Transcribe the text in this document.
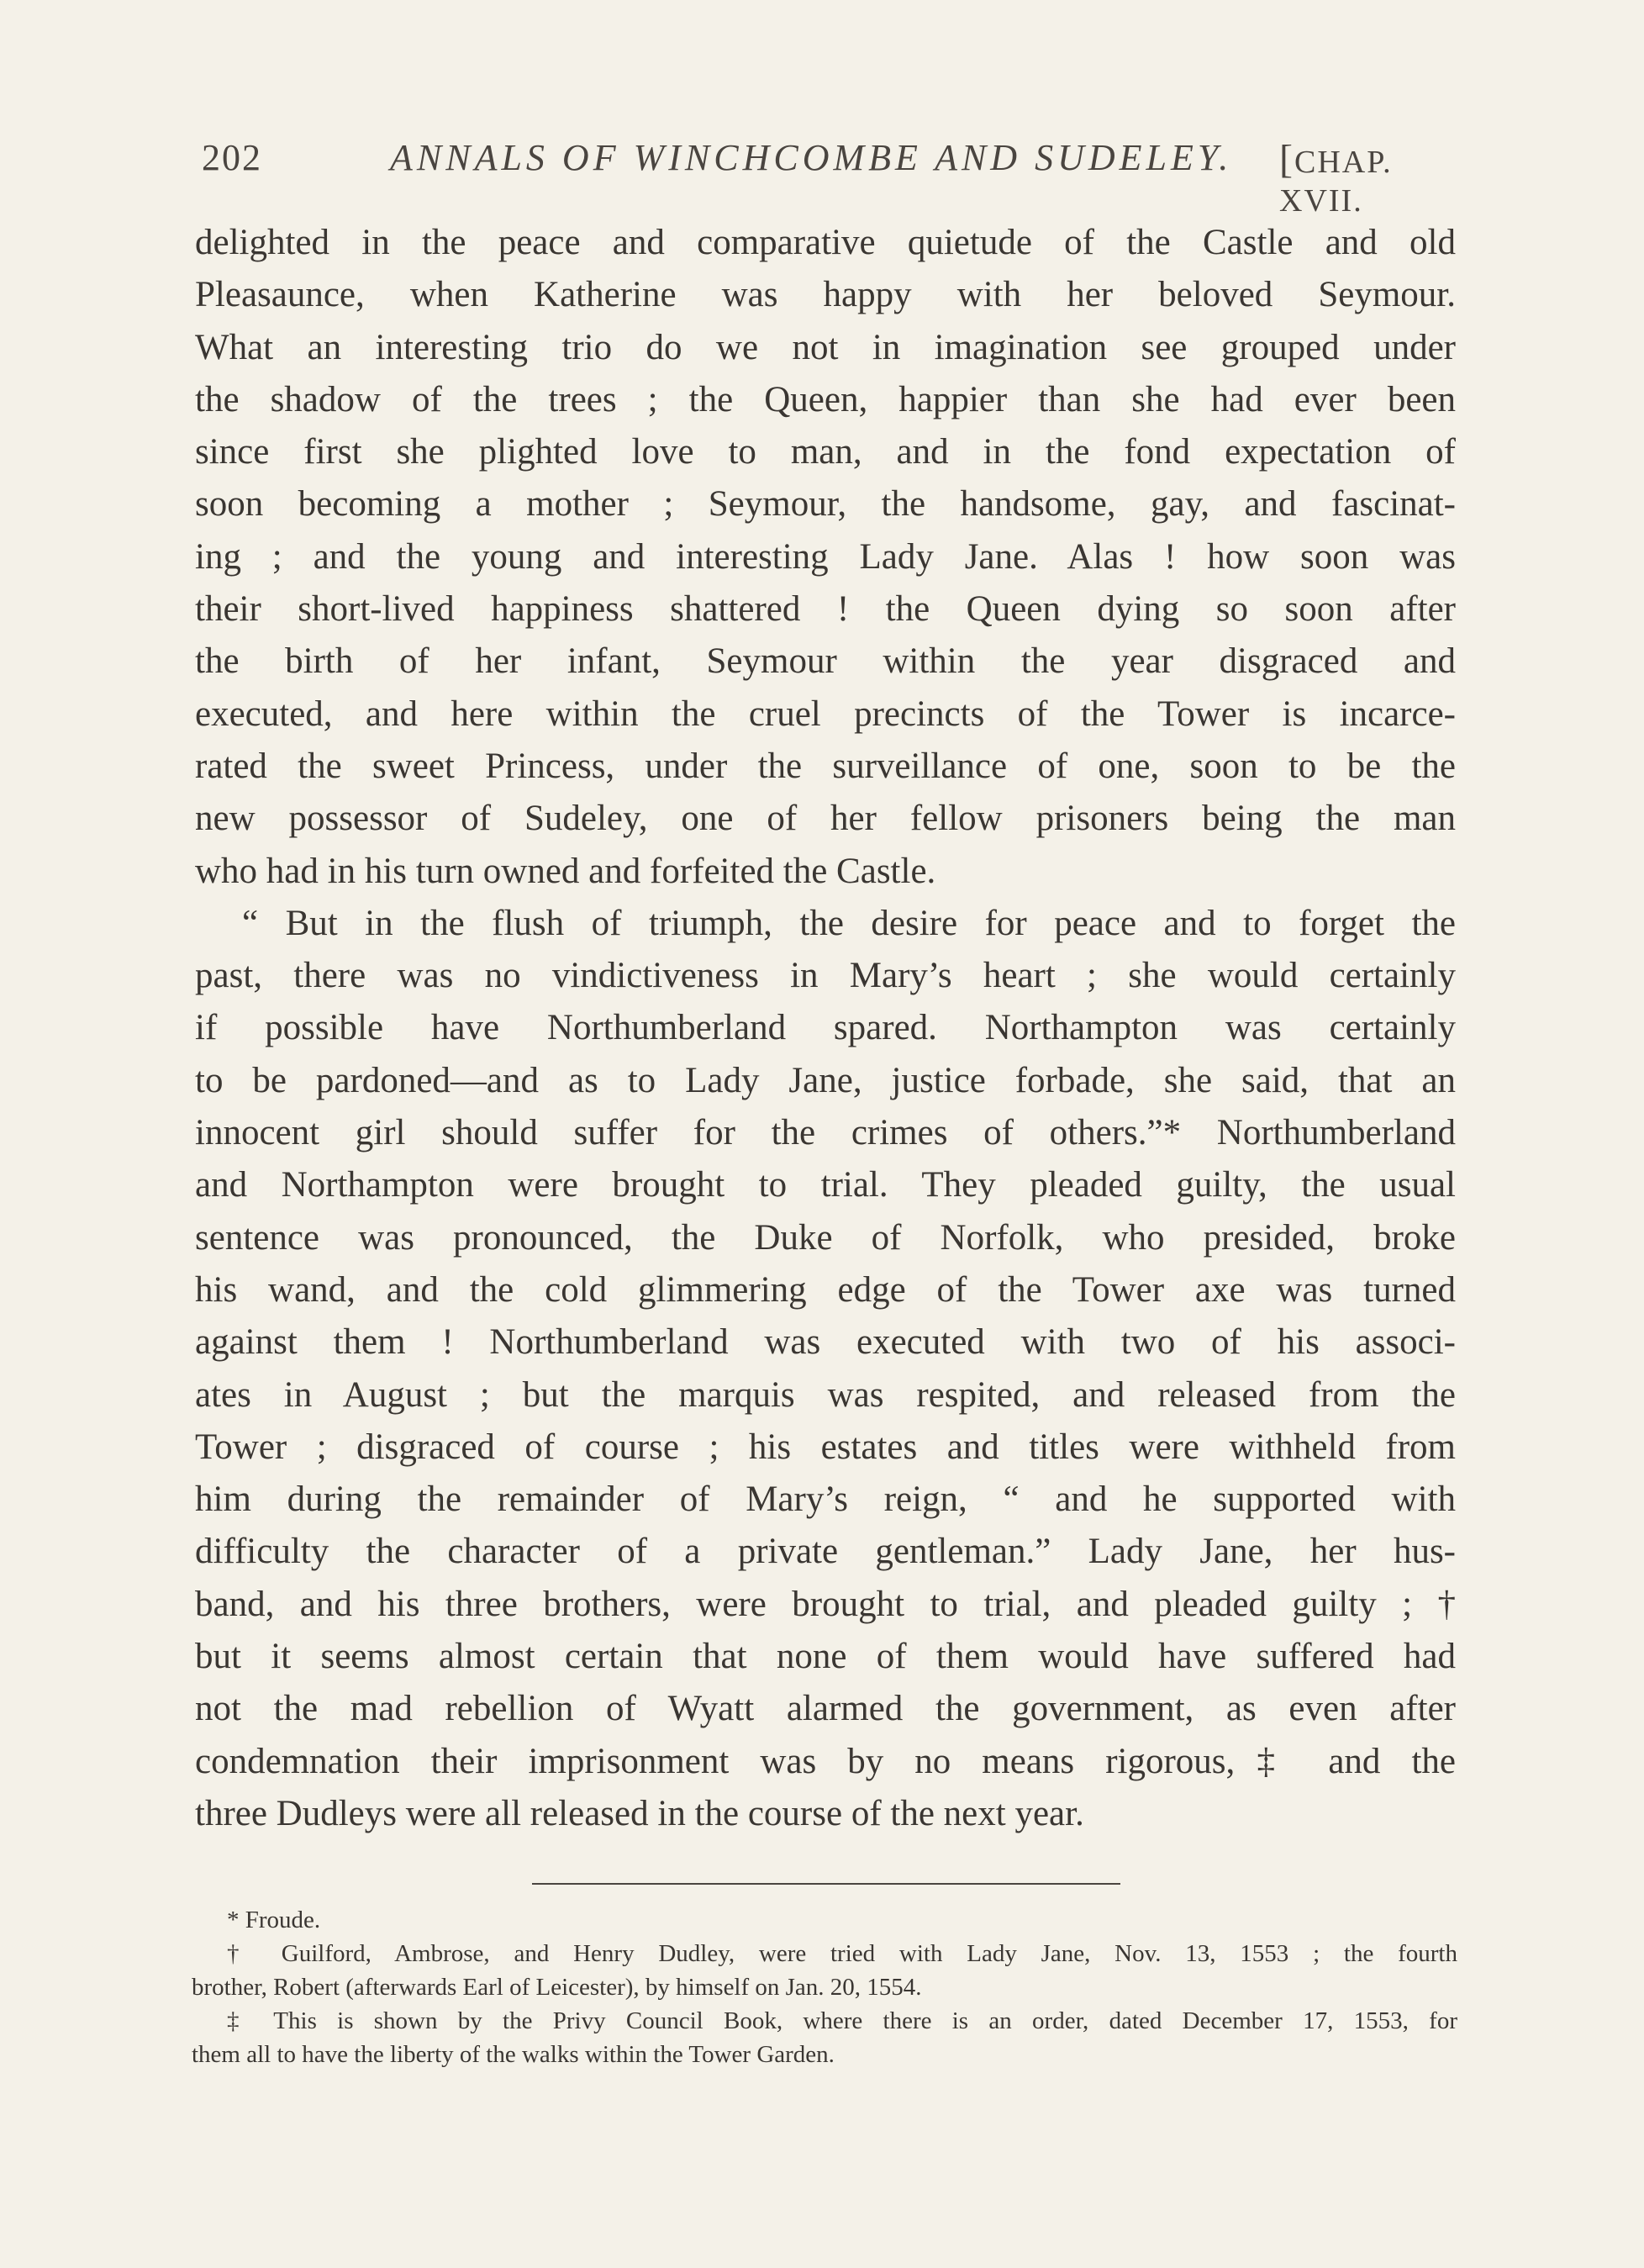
202	ANNALS OF WINCHCOMBE AND SUDELEY. [CHAP. XVII.
delighted in the peace and comparative quietude of the Castle and old
Pleasaunce, when Katherine was happy with her beloved Seymour.
What an interesting trio do we not in imagination see grouped under
the shadow of the trees ; the Queen, happier than she had ever been
since first she plighted love to man, and in the fond expectation of
soon becoming a mother ; Seymour, the handsome, gay, and fascinat-
ing ; and the young and interesting Lady Jane. Alas ! how soon was
their short-lived happiness shattered ! the Queen dying so soon after
the birth of her infant, Seymour within the year disgraced and
executed, and here within the cruel precincts of the Tower is incarce-
rated the sweet Princess, under the surveillance of one, soon to be the
new possessor of Sudeley, one of her fellow prisoners being the man
who had in his turn owned and forfeited the Castle.
“ But in the flush of triumph, the desire for peace and to forget the
past, there was no vindictiveness in Mary’s heart ; she would certainly
if possible have Northumberland spared. Northampton was certainly
to be pardoned—and as to Lady Jane, justice forbade, she said, that an
innocent girl should suffer for the crimes of others.”* Northumberland
and Northampton were brought to trial. They pleaded guilty, the usual
sentence was pronounced, the Duke of Norfolk, who presided, broke
his wand, and the cold glimmering edge of the Tower axe was turned
against them ! Northumberland was executed with two of his associ-
ates in August ; but the marquis was respited, and released from the
Tower ; disgraced of course ; his estates and titles were withheld from
him during the remainder of Mary’s reign, “ and he supported with
difficulty the character of a private gentleman.” Lady Jane, her hus-
band, and his three brothers, were brought to trial, and pleaded guilty ; †
but it seems almost certain that none of them would have suffered had
not the mad rebellion of Wyatt alarmed the government, as even after
condemnation their imprisonment was by no means rigorous,‡ and the
three Dudleys were all released in the course of the next year.
* Froude.
† Guilford, Ambrose, and Henry Dudley, were tried with Lady Jane, Nov. 13, 1553 ; the fourth
brother, Robert (afterwards Earl of Leicester), by himself on Jan. 20, 1554.
‡ This is shown by the Privy Council Book, where there is an order, dated December 17, 1553, for
them all to have the liberty of the walks within the Tower Garden.
